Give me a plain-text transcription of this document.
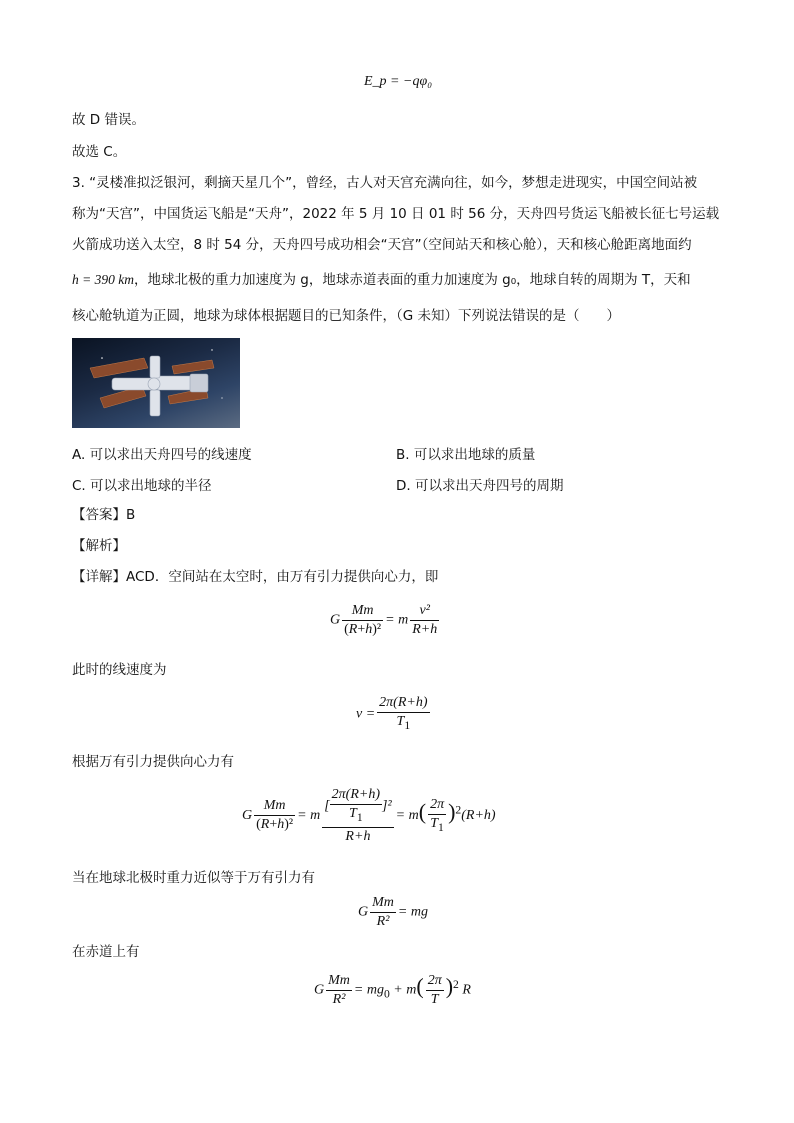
E_p = −qφ₀
故 D 错误。
故选 C。
3. “灵楼准拟泛银河，剩摘天星几个”，曾经，古人对天宫充满向往，如今，梦想走进现实，中国空间站被
称为“天宫”，中国货运飞船是“天舟”，2022 年 5 月 10 日 01 时 56 分，天舟四号货运飞船被长征七号运载
火箭成功送入太空，8 时 54 分，天舟四号成功相会“天宫”（空间站天和核心舱），天和核心舱距离地面约
h = 390 km，地球北极的重力加速度为 g，地球赤道表面的重力加速度为 g₀，地球自转的周期为 T，天和
核心舱轨道为正圆，地球为球体根据题目的已知条件，（G 未知）下列说法错误的是（　　）
A. 可以求出天舟四号的线速度	B. 可以求出地球的质量
C. 可以求出地球的半径	D. 可以求出天舟四号的周期
【答案】B
【解析】
【详解】ACD．空间站在太空时，由万有引力提供向心力，即
G $\frac{Mm}{\text{(R+h)²}} = m \frac{\text{v²}}{R+h}$
此时的线速度为
$v = \frac{2\pi(R+h)}{T_1}$
根据万有引力提供向心力有
G $\frac{Mm}{\text{(R+h)²}} = m \frac{[ \frac{2\pi(R+h)}{T_1} ]^2}{R+h} = m( \frac{2\pi}{T_1} )^2(R+h)$
当在地球北极时重力近似等于万有引力有
G $\frac{Mm}{\text{R²}}$ = mg
在赤道上有
G $\frac{Mm}{\text{R²}} = mg_0 + m( \frac{2\pi}{T} )^2$ R
